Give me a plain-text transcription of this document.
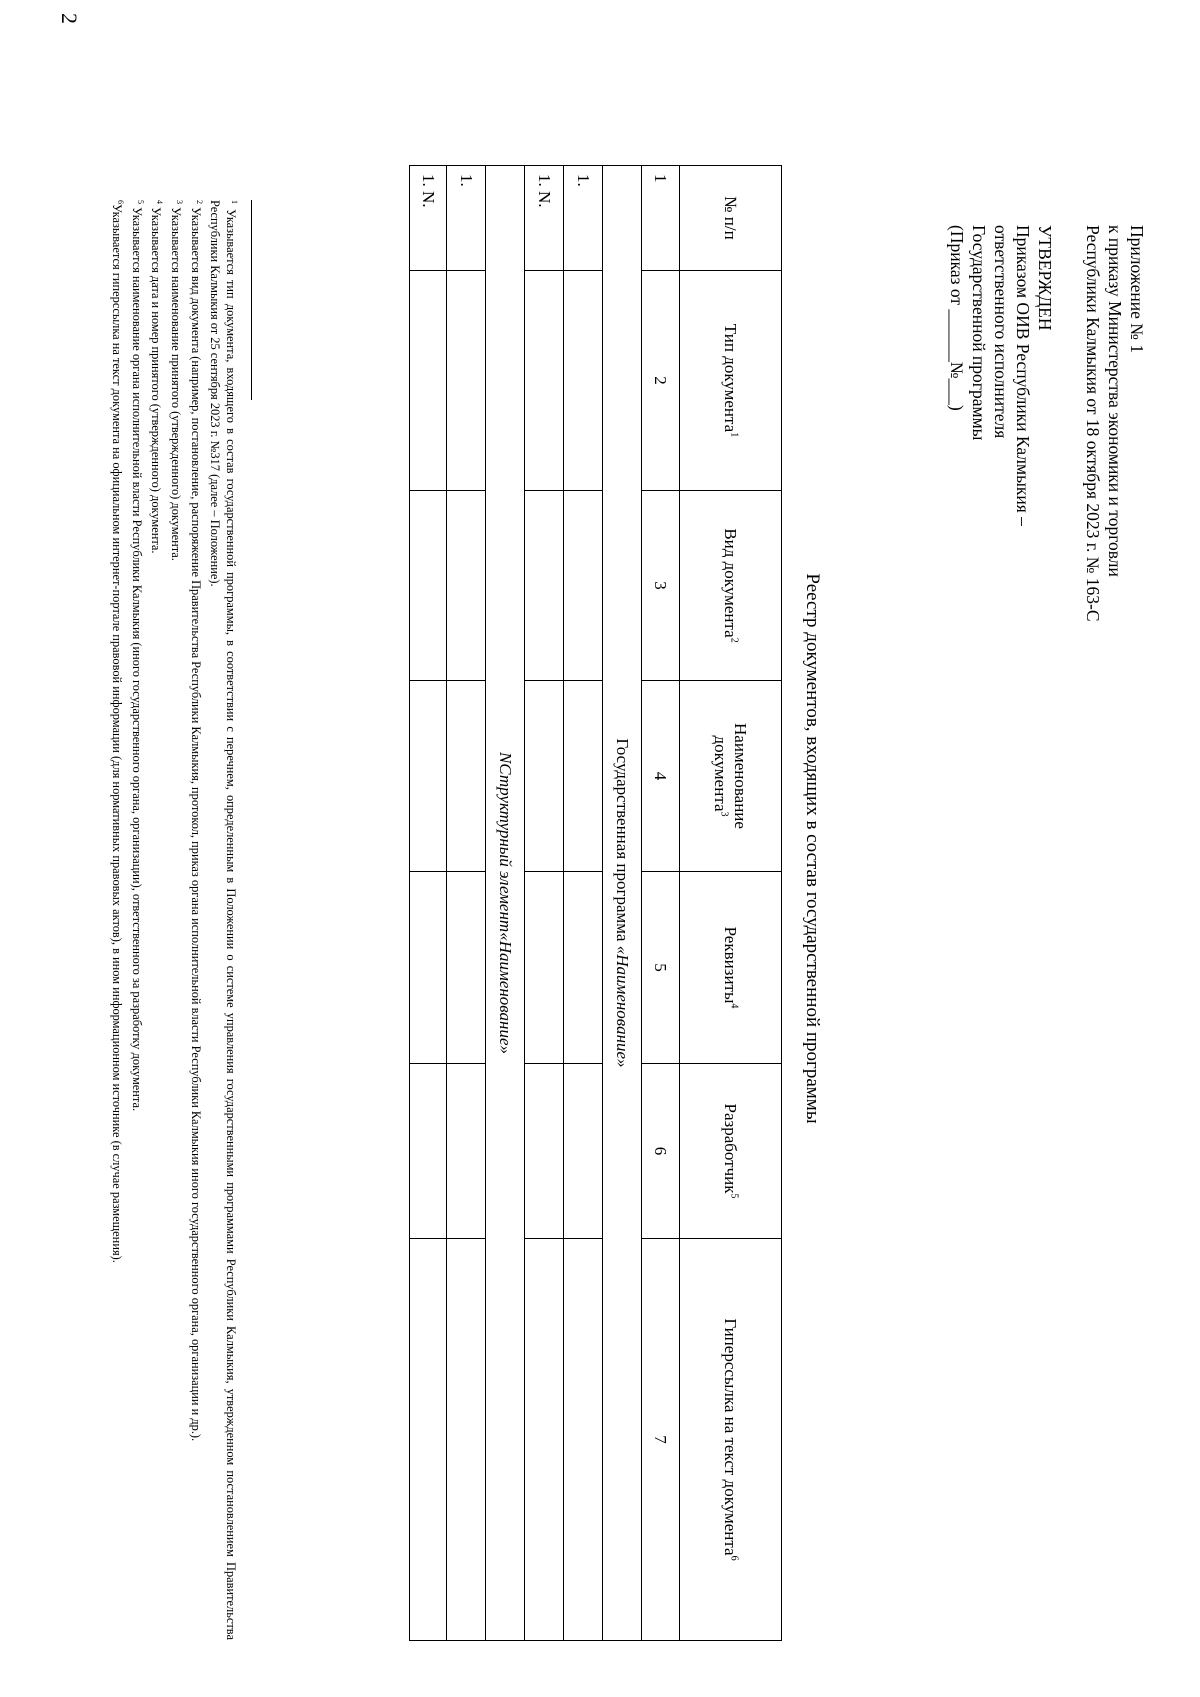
2
Приложение № 1
к приказу Министерства экономики и торговли
Республики Калмыкия от 18 октября 2023 г. № 163-С
УТВЕРЖДЕН
Приказом ОИВ Республики Калмыкия –
ответственного исполнителя
Государственной программы
(Приказ от ______№___)
Реестр документов, входящих в состав государственной программы
№ п/п	Тип документа$^1$	Вид документа$^2$	Наименование документа$^3$	Реквизиты$^4$	Разработчик$^5$	Гиперссылка на текст документа$^6$
1	2	3	4	5	6	7
Государственная программа «Наименование»						
1.						
1. N.						
NСтруктурный элемент«Наименование»						
1.						
1. N.						

$^1$ Указывается тип документа, входящего в состав государственной программы, в соответствии с перечнем, определенным в Положении о системе управления государственными программами Республики Калмыкия, утвержденном постановлением Правительства Республики Калмыкия от 25 сентября 2023 г. №317 (далее – Положение).

$^2$ Указывается вид документа (например, постановление, распоряжение Правительства Республики Калмыкия, протокол, приказ органа исполнительной власти Республики Калмыкия иного государственного органа, организации и др.).

$^3$ Указывается наименование принятого (утвержденного) документа.

$^4$ Указывается дата и номер принятого (утвержденного) документа.

$^5$ Указывается наименование органа исполнительной власти Республики Калмыкия (иного государственного органа, организации), ответственного за разработку документа.

$^6$Указывается гиперссылка на текст документа на официальном интернет-портале правовой информации (для нормативных правовых актов), в ином информационном источнике (в случае размещения).
